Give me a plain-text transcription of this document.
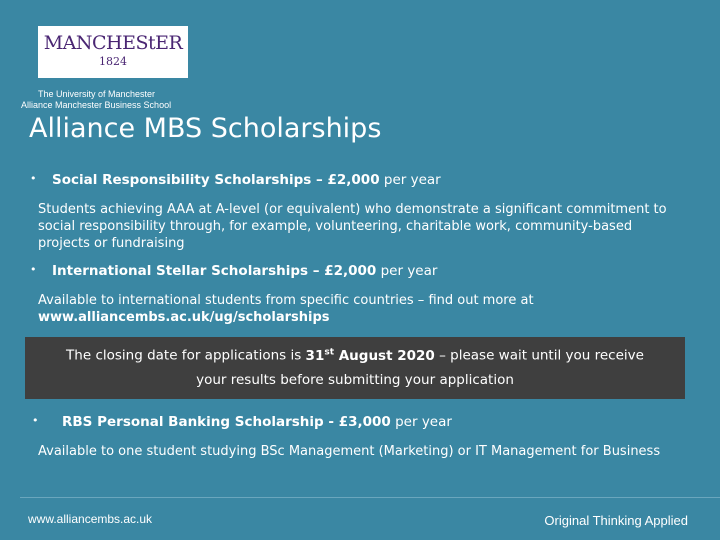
MANCHEStER
1824
The University of Manchester
Alliance Manchester Business School
Alliance MBS Scholarships
• Social Responsibility Scholarships – £2,000 per year
Students achieving AAA at A-level (or equivalent) who demonstrate a significant commitment to social responsibility through, for example, volunteering, charitable work, community-based projects or fundraising
• International Stellar Scholarships – £2,000 per year
Available to international students from specific countries – find out more at
www.alliancembs.ac.uk/ug/scholarships
The closing date for applications is 31st August 2020 – please wait until you receive
your results before submitting your application
• RBS Personal Banking Scholarship - £3,000 per year
Available to one student studying BSc Management (Marketing) or IT Management for Business
www.alliancembs.ac.uk	Original Thinking Applied
